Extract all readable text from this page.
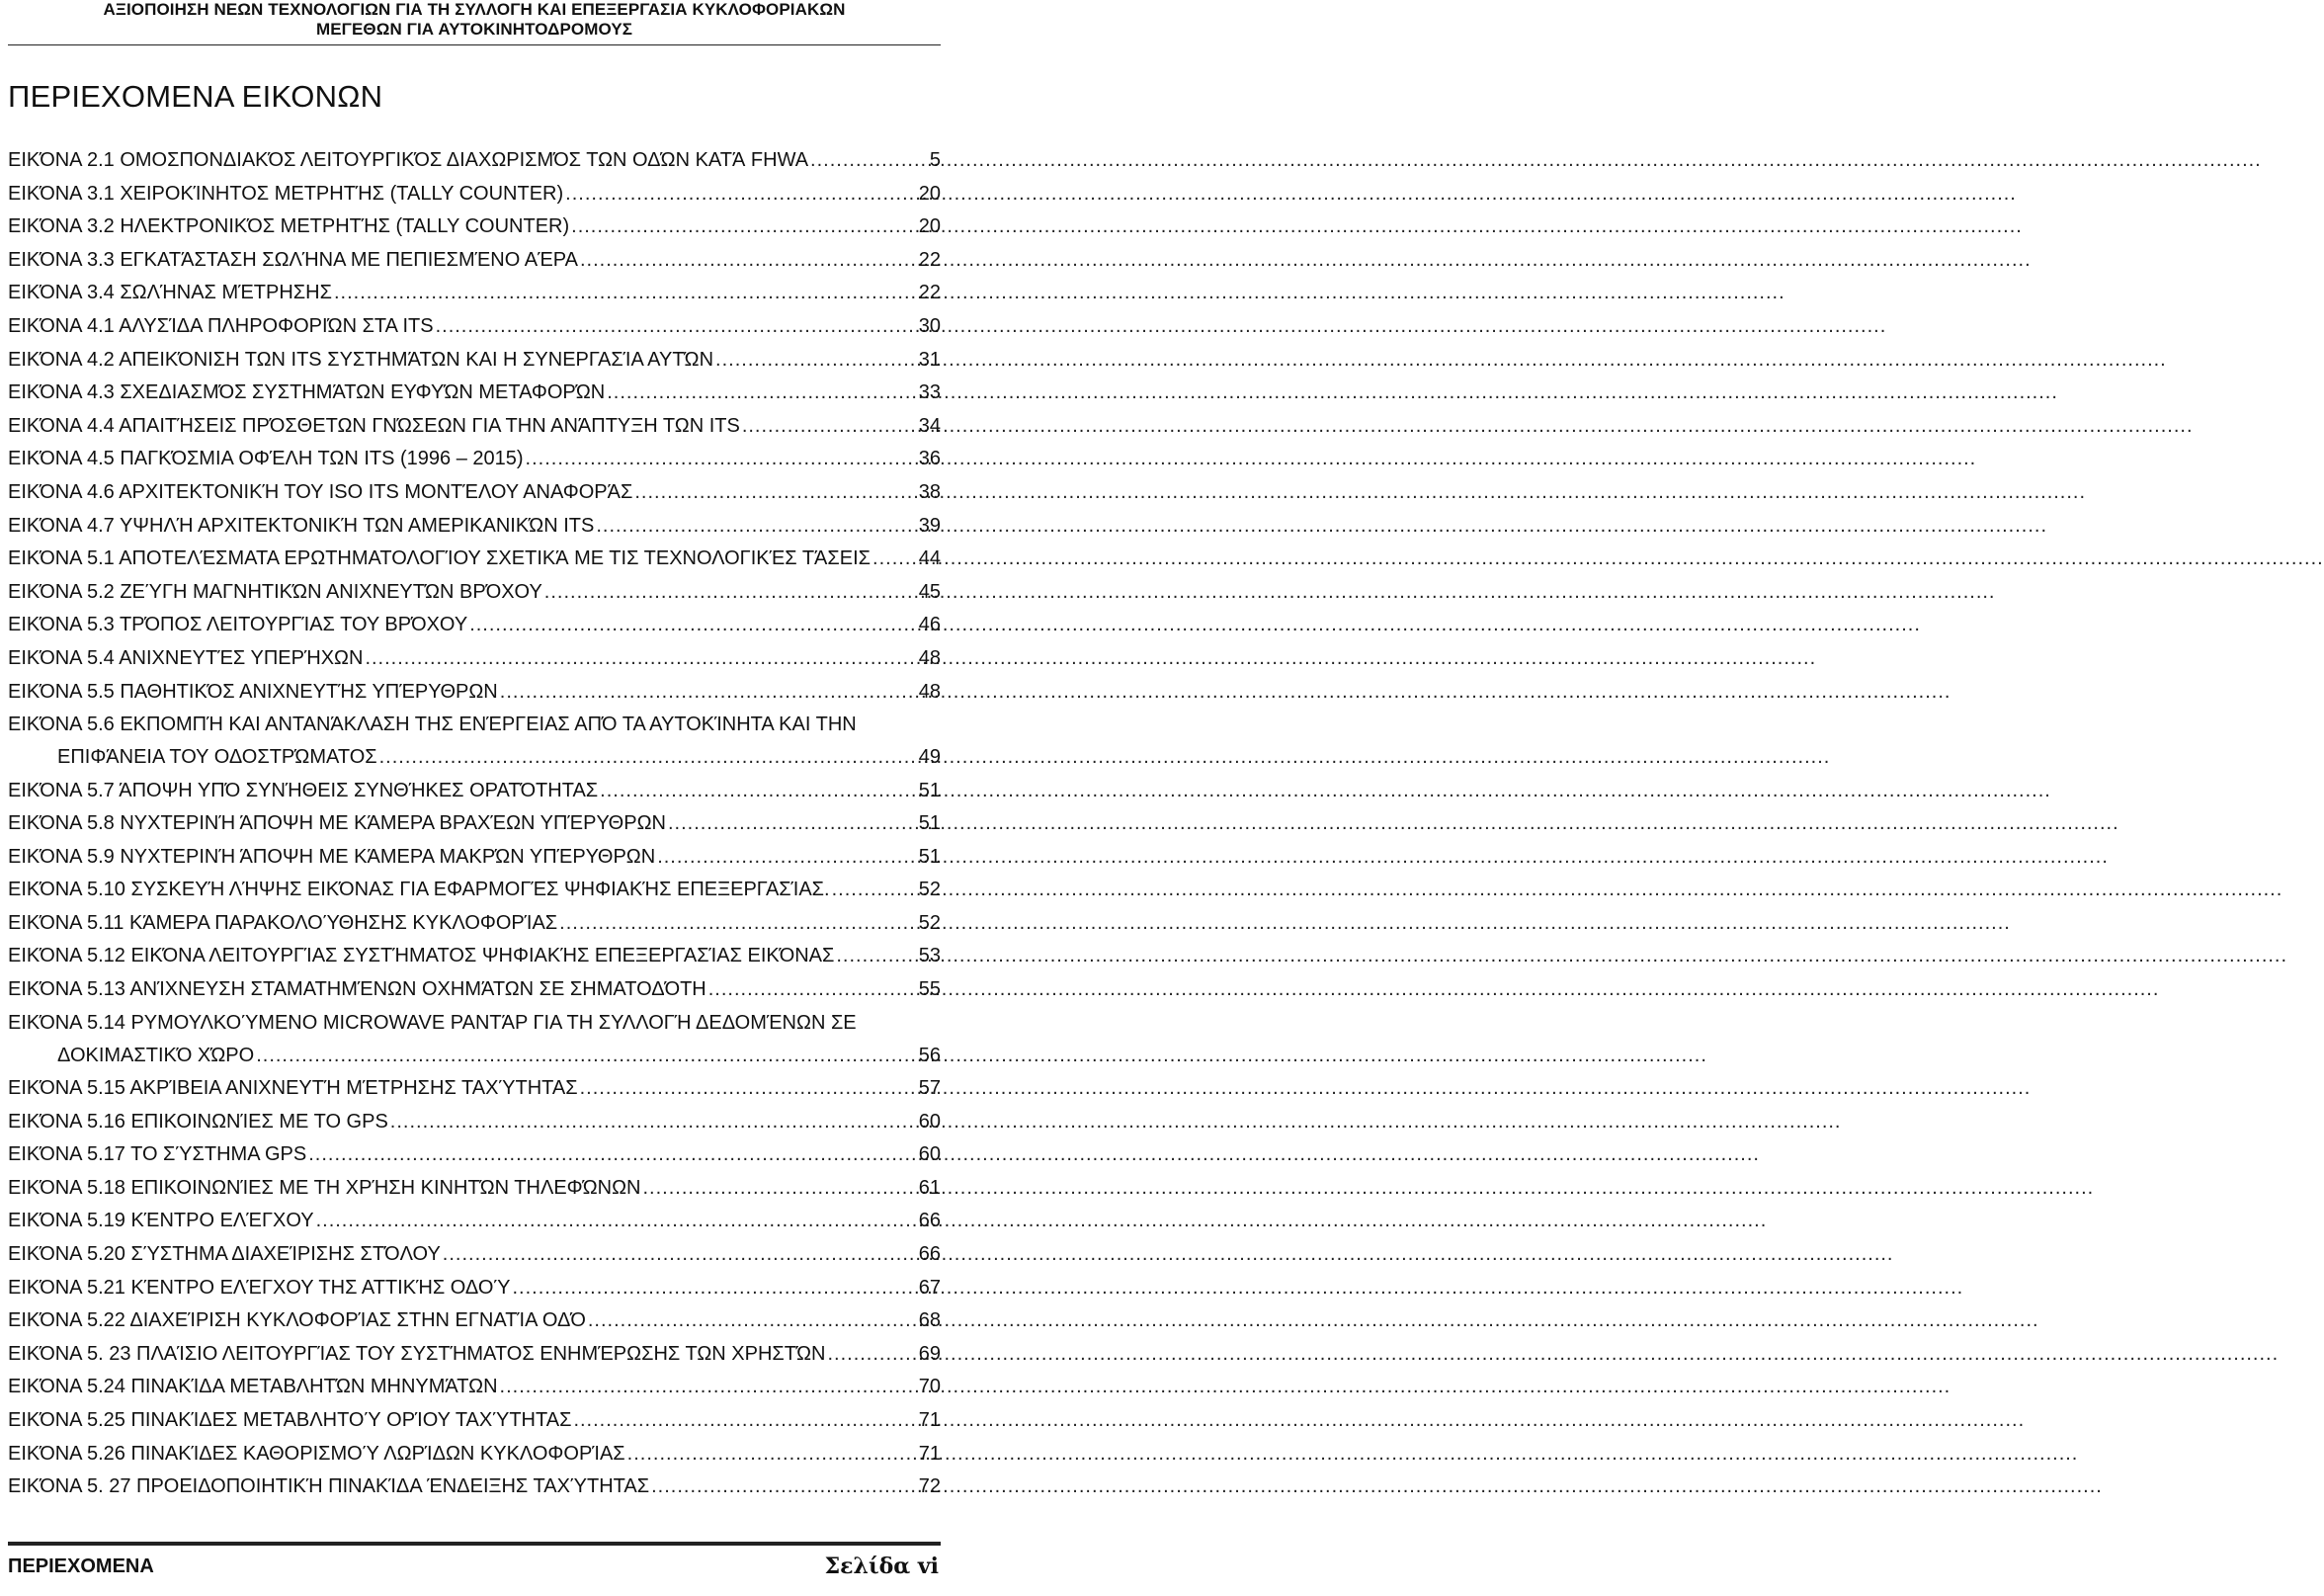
ΑΞΙΟΠΟΙΗΣΗ ΝΕΩΝ ΤΕΧΝΟΛΟΓΙΩΝ ΓΙΑ ΤΗ ΣΥΛΛΟΓΗ ΚΑΙ ΕΠΕΞΕΡΓΑΣΙΑ ΚΥΚΛΟΦΟΡΙΑΚΩΝ
ΜΕΓΕΘΩΝ ΓΙΑ ΑΥΤΟΚΙΝΗΤΟΔΡΟΜΟΥΣ
ΠΕΡΙΕΧΟΜΕΝΑ ΕΙΚΟΝΩΝ
ΕΙΚΌΝΑ 2.1 ΟΜΟΣΠΟΝΔΙΑΚΌΣ ΛΕΙΤΟΥΡΓΙΚΌΣ ΔΙΑΧΩΡΙΣΜΌΣ ΤΩΝ ΟΔΏΝ ΚΑΤΆ FHWA .....	5
ΕΙΚΌΝΑ 3.1 ΧΕΙΡΟΚΊΝΗΤΟΣ ΜΕΤΡΗΤΉΣ (TALLY COUNTER) .....	20
ΕΙΚΌΝΑ 3.2 ΗΛΕΚΤΡΟΝΙΚΌΣ ΜΕΤΡΗΤΉΣ (TALLY COUNTER) .....	20
ΕΙΚΌΝΑ 3.3 ΕΓΚΑΤΆΣΤΑΣΗ ΣΩΛΉΝΑ ΜΕ ΠΕΠΙΕΣΜΈΝΟ ΑΈΡΑ .....	22
ΕΙΚΌΝΑ 3.4 ΣΩΛΉΝΑΣ ΜΈΤΡΗΣΗΣ .....	22
ΕΙΚΌΝΑ 4.1 ΑΛΥΣΊΔΑ ΠΛΗΡΟΦΟΡΙΏΝ ΣΤΑ ITS .....	30
ΕΙΚΌΝΑ 4.2 ΑΠΕΙΚΌΝΙΣΗ ΤΩΝ ITS ΣΥΣΤΗΜΆΤΩΝ ΚΑΙ Η ΣΥΝΕΡΓΑΣΊΑ ΑΥΤΏΝ .....	31
ΕΙΚΌΝΑ 4.3 ΣΧΕΔΙΑΣΜΌΣ ΣΥΣΤΗΜΆΤΩΝ ΕΥΦΥΏΝ ΜΕΤΑΦΟΡΏΝ .....	33
ΕΙΚΌΝΑ 4.4 ΑΠΑΙΤΉΣΕΙΣ ΠΡΌΣΘΕΤΩΝ ΓΝΏΣΕΩΝ ΓΙΑ ΤΗΝ ΑΝΆΠΤΥΞΗ ΤΩΝ ITS .....	34
ΕΙΚΌΝΑ 4.5 ΠΑΓΚΌΣΜΙΑ ΟΦΈΛΗ ΤΩΝ ITS (1996 – 2015) .....	36
ΕΙΚΌΝΑ 4.6 ΑΡΧΙΤΕΚΤΟΝΙΚΉ ΤΟΥ ISO ITS ΜΟΝΤΈΛΟΥ ΑΝΑΦΟΡΆΣ .....	38
ΕΙΚΌΝΑ 4.7 ΥΨΗΛΉ ΑΡΧΙΤΕΚΤΟΝΙΚΉ ΤΩΝ ΑΜΕΡΙΚΑΝΙΚΏΝ ITS .....	39
ΕΙΚΌΝΑ 5.1 ΑΠΟΤΕΛΈΣΜΑΤΑ ΕΡΩΤΗΜΑΤΟΛΟΓΊΟΥ ΣΧΕΤΙΚΆ ΜΕ ΤΙΣ ΤΕΧΝΟΛΟΓΙΚΈΣ ΤΆΣΕΙΣ ..... 44
ΕΙΚΌΝΑ 5.2 ΖΕΎΓΗ ΜΑΓΝΗΤΙΚΏΝ ΑΝΙΧΝΕΥΤΏΝ ΒΡΌΧΟΥ .....	45
ΕΙΚΌΝΑ 5.3 ΤΡΌΠΟΣ ΛΕΙΤΟΥΡΓΊΑΣ ΤΟΥ ΒΡΌΧΟΥ .....	46
ΕΙΚΌΝΑ 5.4 ΑΝΙΧΝΕΥΤΈΣ ΥΠΕΡΉΧΩΝ .....	48
ΕΙΚΌΝΑ 5.5 ΠΑΘΗΤΙΚΌΣ ΑΝΙΧΝΕΥΤΉΣ ΥΠΈΡΥΘΡΩΝ .....	48
ΕΙΚΌΝΑ 5.6 ΕΚΠΟΜΠΉ ΚΑΙ ΑΝΤΑΝΆΚΛΑΣΗ ΤΗΣ ΕΝΈΡΓΕΙΑΣ ΑΠΌ ΤΑ ΑΥΤΟΚΊΝΗΤΑ ΚΑΙ ΤΗΝ
ΕΠΙΦΆΝΕΙΑ ΤΟΥ ΟΔΟΣΤΡΏΜΑΤΟΣ .....	49
ΕΙΚΌΝΑ 5.7 ΆΠΟΨΗ ΥΠΌ ΣΥΝΉΘΕΙΣ ΣΥΝΘΉΚΕΣ ΟΡΑΤΌΤΗΤΑΣ .....	51
ΕΙΚΌΝΑ 5.8 ΝΥΧΤΕΡΙΝΉ ΆΠΟΨΗ ΜΕ ΚΆΜΕΡΑ ΒΡΑΧΈΩΝ ΥΠΈΡΥΘΡΩΝ .....	51
ΕΙΚΌΝΑ 5.9 ΝΥΧΤΕΡΙΝΉ ΆΠΟΨΗ ΜΕ ΚΆΜΕΡΑ ΜΑΚΡΏΝ ΥΠΈΡΥΘΡΩΝ .....	51
ΕΙΚΌΝΑ 5.10 ΣΥΣΚΕΥΉ ΛΉΨΗΣ ΕΙΚΌΝΑΣ ΓΙΑ ΕΦΑΡΜΟΓΈΣ ΨΗΦΙΑΚΉΣ ΕΠΕΞΕΡΓΑΣΊΑΣ. .....	52
ΕΙΚΌΝΑ 5.11 ΚΆΜΕΡΑ ΠΑΡΑΚΟΛΟΎΘΗΣΗΣ ΚΥΚΛΟΦΟΡΊΑΣ .....	52
ΕΙΚΌΝΑ 5.12 ΕΙΚΌΝΑ ΛΕΙΤΟΥΡΓΊΑΣ ΣΥΣΤΉΜΑΤΟΣ ΨΗΦΙΑΚΉΣ ΕΠΕΞΕΡΓΑΣΊΑΣ ΕΙΚΌΝΑΣ .....	53
ΕΙΚΌΝΑ 5.13 ΑΝΊΧΝΕΥΣΗ ΣΤΑΜΑΤΗΜΈΝΩΝ ΟΧΗΜΆΤΩΝ ΣΕ ΣΗΜΑΤΟΔΌΤΗ .....	55
ΕΙΚΌΝΑ 5.14 ΡΥΜΟΥΛΚΟΎΜΕΝΟ MICROWAVE ΡΑΝΤΆΡ ΓΙΑ ΤΗ ΣΥΛΛΟΓΉ ΔΕΔΟΜΈΝΩΝ ΣΕ
ΔΟΚΙΜΑΣΤΙΚΌ ΧΏΡΟ .....	56
ΕΙΚΌΝΑ 5.15 ΑΚΡΊΒΕΙΑ ΑΝΙΧΝΕΥΤΉ ΜΈΤΡΗΣΗΣ ΤΑΧΎΤΗΤΑΣ .....	57
ΕΙΚΌΝΑ 5.16 ΕΠΙΚΟΙΝΩΝΊΕΣ ΜΕ ΤΟ GPS .....	60
ΕΙΚΌΝΑ 5.17 ΤΟ ΣΎΣΤΗΜΑ GPS .....	60
ΕΙΚΌΝΑ 5.18 ΕΠΙΚΟΙΝΩΝΊΕΣ ΜΕ ΤΗ ΧΡΉΣΗ ΚΙΝΗΤΏΝ ΤΗΛΕΦΏΝΩΝ .....	61
ΕΙΚΌΝΑ 5.19 ΚΈΝΤΡΟ ΕΛΈΓΧΟΥ .....	66
ΕΙΚΌΝΑ 5.20 ΣΎΣΤΗΜΑ ΔΙΑΧΕΊΡΙΣΗΣ ΣΤΌΛΟΥ .....	66
ΕΙΚΌΝΑ 5.21 ΚΈΝΤΡΟ ΕΛΈΓΧΟΥ ΤΗΣ ΑΤΤΙΚΉΣ ΟΔΟΎ .....	67
ΕΙΚΌΝΑ 5.22 ΔΙΑΧΕΊΡΙΣΗ ΚΥΚΛΟΦΟΡΊΑΣ ΣΤΗΝ ΕΓΝΑΤΊΑ ΟΔΌ .....	68
ΕΙΚΌΝΑ 5. 23 ΠΛΑΊΣΙΟ ΛΕΙΤΟΥΡΓΊΑΣ ΤΟΥ ΣΥΣΤΉΜΑΤΟΣ ΕΝΗΜΈΡΩΣΗΣ ΤΩΝ ΧΡΗΣΤΏΝ .....	69
ΕΙΚΌΝΑ 5.24 ΠΙΝΑΚΊΔΑ ΜΕΤΑΒΛΗΤΏΝ ΜΗΝΥΜΆΤΩΝ .....	70
ΕΙΚΌΝΑ 5.25 ΠΙΝΑΚΊΔΕΣ ΜΕΤΑΒΛΗΤΟΎ ΟΡΊΟΥ ΤΑΧΎΤΗΤΑΣ .....	71
ΕΙΚΌΝΑ 5.26 ΠΙΝΑΚΊΔΕΣ ΚΑΘΟΡΙΣΜΟΎ ΛΩΡΊΔΩΝ ΚΥΚΛΟΦΟΡΊΑΣ .....	71
ΕΙΚΌΝΑ 5. 27 ΠΡΟΕΙΔΟΠΟΙΗΤΙΚΉ ΠΙΝΑΚΊΔΑ ΈΝΔΕΙΞΗΣ ΤΑΧΎΤΗΤΑΣ .....	72
ΠΕΡΙΕΧΟΜΕΝΑ	Σελίδα vi
